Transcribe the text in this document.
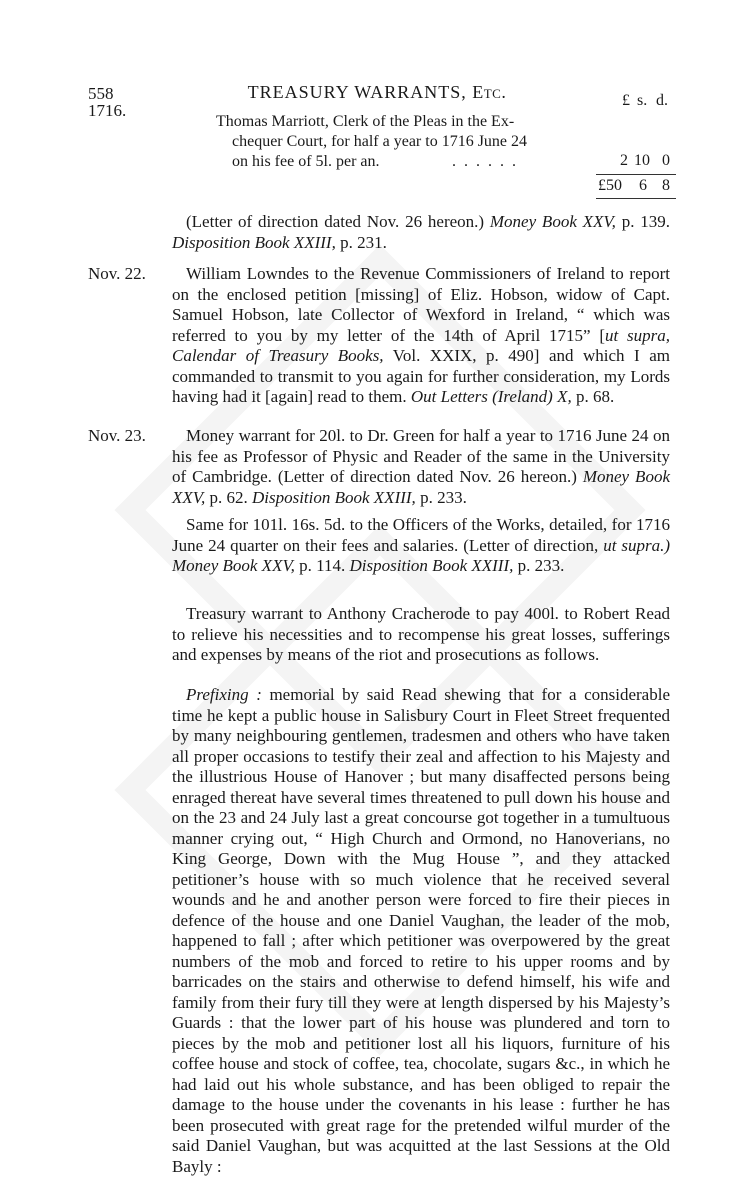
558	TREASURY WARRANTS, Etc.
1716.
£ s. d.
Thomas Marriott, Clerk of the Pleas in the Ex-
chequer Court, for half a year to 1716 June 24
on his fee of 5l. per an.	. . . . . .	2 10 0
£50 6 8
(Letter of direction dated Nov. 26 hereon.) Money Book XXV, p. 139. Disposition Book XXIII, p. 231.
Nov. 22.	William Lowndes to the Revenue Commissioners of Ireland to report on the enclosed petition [missing] of Eliz. Hobson, widow of Capt. Samuel Hobson, late Collector of Wexford in Ireland, “ which was referred to you by my letter of the 14th of April 1715” [ut supra, Calendar of Treasury Books, Vol. XXIX, p. 490] and which I am commanded to transmit to you again for further consideration, my Lords having had it [again] read to them. Out Letters (Ireland) X, p. 68.
Nov. 23.	Money warrant for 20l. to Dr. Green for half a year to 1716 June 24 on his fee as Professor of Physic and Reader of the same in the University of Cambridge. (Letter of direction dated Nov. 26 hereon.) Money Book XXV, p. 62. Disposition Book XXIII, p. 233.
Same for 101l. 16s. 5d. to the Officers of the Works, detailed, for 1716 June 24 quarter on their fees and salaries. (Letter of direction, ut supra.) Money Book XXV, p. 114. Disposition Book XXIII, p. 233.
Treasury warrant to Anthony Cracherode to pay 400l. to Robert Read to relieve his necessities and to recompense his great losses, sufferings and expenses by means of the riot and prosecutions as follows.
Prefixing : memorial by said Read shewing that for a considerable time he kept a public house in Salisbury Court in Fleet Street frequented by many neighbouring gentlemen, tradesmen and others who have taken all proper occasions to testify their zeal and affection to his Majesty and the illustrious House of Hanover ; but many disaffected persons being enraged thereat have several times threatened to pull down his house and on the 23 and 24 July last a great concourse got together in a tumultuous manner crying out, “ High Church and Ormond, no Hanoverians, no King George, Down with the Mug House ”, and they attacked petitioner’s house with so much violence that he received several wounds and he and another person were forced to fire their pieces in defence of the house and one Daniel Vaughan, the leader of the mob, happened to fall ; after which petitioner was overpowered by the great numbers of the mob and forced to retire to his upper rooms and by barricades on the stairs and otherwise to defend himself, his wife and family from their fury till they were at length dispersed by his Majesty’s Guards : that the lower part of his house was plundered and torn to pieces by the mob and petitioner lost all his liquors, furniture of his coffee house and stock of coffee, tea, chocolate, sugars &c., in which he had laid out his whole substance, and has been obliged to repair the damage to the house under the covenants in his lease : further he has been prosecuted with great rage for the pretended wilful murder of the said Daniel Vaughan, but was acquitted at the last Sessions at the Old Bayly :
